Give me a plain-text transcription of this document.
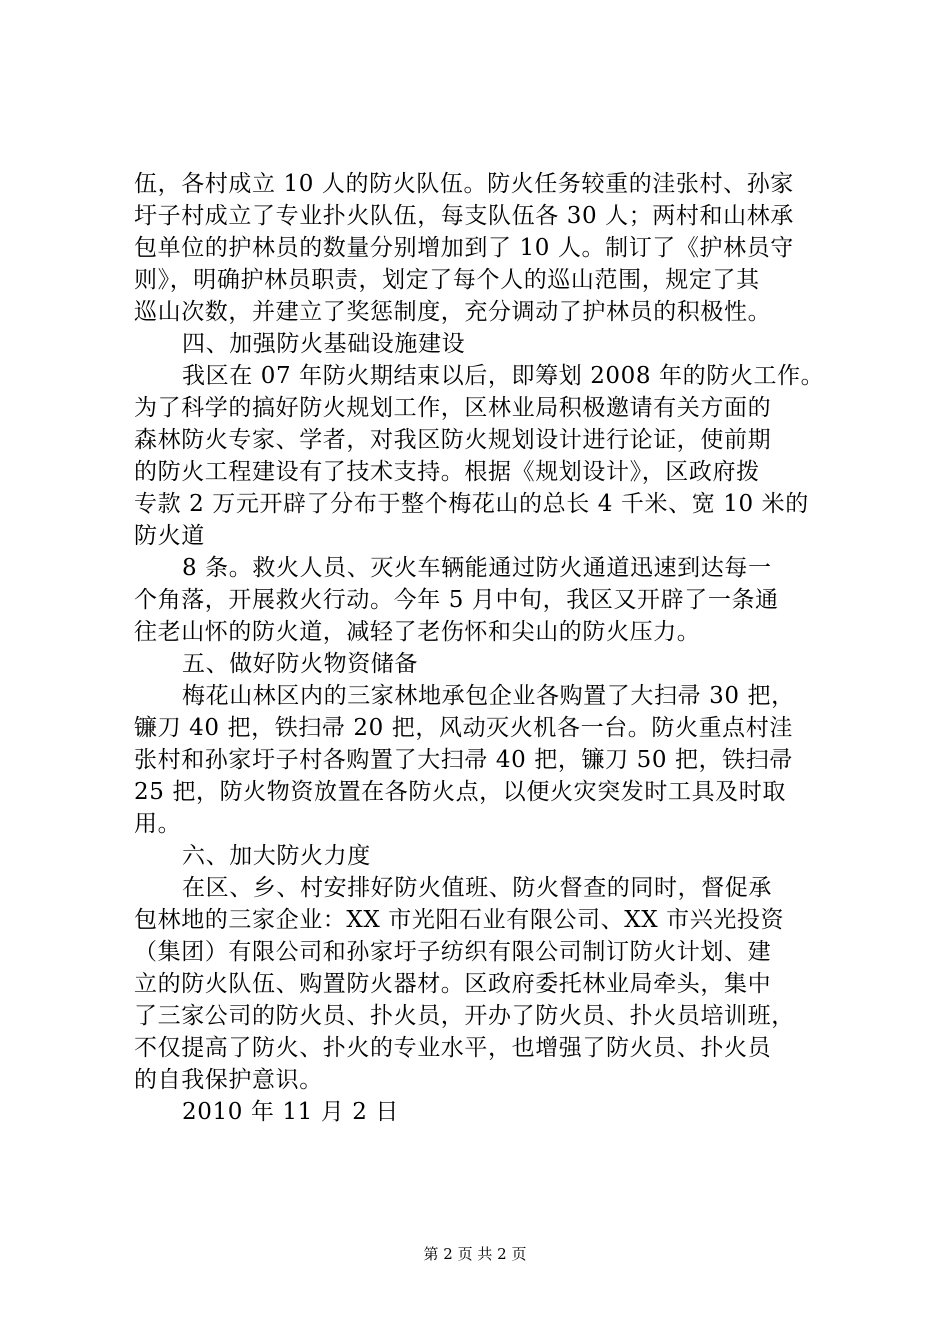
伍，各村成立 10 人的防火队伍。防火任务较重的洼张村、孙家
圩子村成立了专业扑火队伍，每支队伍各 30 人；两村和山林承
包单位的护林员的数量分别增加到了 10 人。制订了《护林员守
则》，明确护林员职责，划定了每个人的巡山范围，规定了其
巡山次数，并建立了奖惩制度，充分调动了护林员的积极性。
四、加强防火基础设施建设
我区在 07 年防火期结束以后，即筹划 2008 年的防火工作。
为了科学的搞好防火规划工作，区林业局积极邀请有关方面的
森林防火专家、学者，对我区防火规划设计进行论证，使前期
的防火工程建设有了技术支持。根据《规划设计》，区政府拨
专款 2 万元开辟了分布于整个梅花山的总长 4 千米、宽 10 米的
防火道
8 条。救火人员、灭火车辆能通过防火通道迅速到达每一
个角落，开展救火行动。今年 5 月中旬，我区又开辟了一条通
往老山怀的防火道，减轻了老伤怀和尖山的防火压力。
五、做好防火物资储备
梅花山林区内的三家林地承包企业各购置了大扫帚 30 把，
镰刀 40 把，铁扫帚 20 把，风动灭火机各一台。防火重点村洼
张村和孙家圩子村各购置了大扫帚 40 把，镰刀 50 把，铁扫帚
25 把，防火物资放置在各防火点，以便火灾突发时工具及时取
用。
六、加大防火力度
在区、乡、村安排好防火值班、防火督查的同时，督促承
包林地的三家企业：XX 市光阳石业有限公司、XX 市兴光投资
（集团）有限公司和孙家圩子纺织有限公司制订防火计划、建
立的防火队伍、购置防火器材。区政府委托林业局牵头，集中
了三家公司的防火员、扑火员，开办了防火员、扑火员培训班，
不仅提高了防火、扑火的专业水平，也增强了防火员、扑火员
的自我保护意识。
2010 年 11 月 2 日
第 2 页 共 2 页
